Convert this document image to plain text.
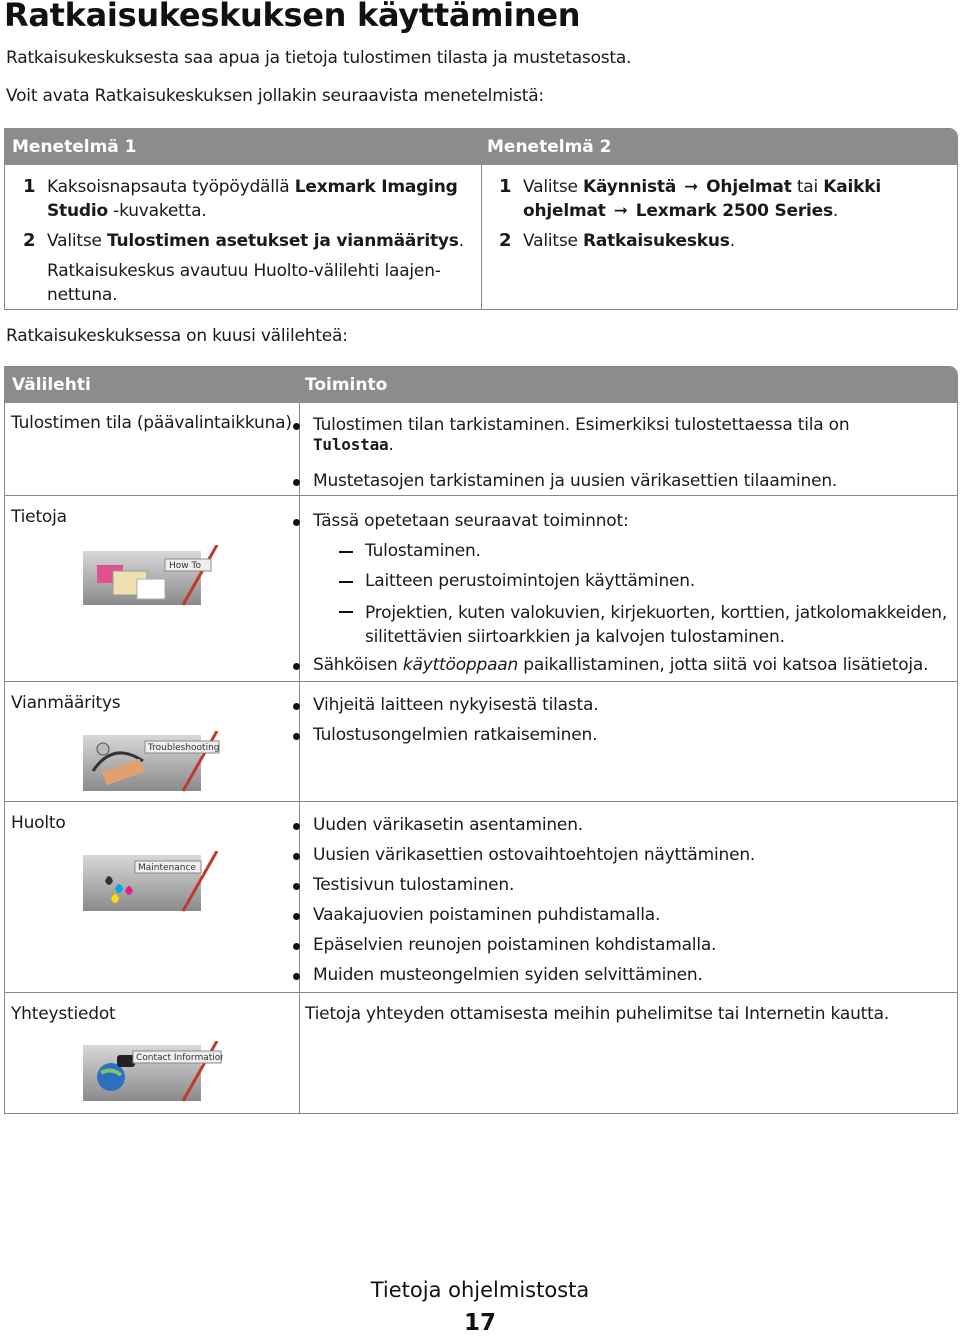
Ratkaisukeskuksen käyttäminen
Ratkaisukeskuksesta saa apua ja tietoja tulostimen tilasta ja mustetasosta.
Voit avata Ratkaisukeskuksen jollakin seuraavista menetelmistä:
Menetelmä 1	Menetelmä 2
1 Kaksoisnapsauta työpöydällä Lexmark Imaging
Studio -kuvaketta.
2 Valitse Tulostimen asetukset ja vianmääritys.
Ratkaisukeskus avautuu Huolto-välilehti laajen-
nettuna.
1 Valitse Käynnistä ➞ Ohjelmat tai Kaikki
ohjelmat ➞ Lexmark 2500 Series.
2 Valitse Ratkaisukeskus.
Ratkaisukeskuksessa on kuusi välilehteä:
Välilehti	Toiminto
Tulostimen tila (päävalintaikkuna) Tulostimen tilan tarkistaminen. Esimerkiksi tulostettaessa tila on
Tulostaa.
Mustetasojen tarkistaminen ja uusien värikasettien tilaaminen.
Tietoja
How To
Tässä opetetaan seuraavat toiminnot:
Tulostaminen.
Laitteen perustoimintojen käyttäminen.
Projektien, kuten valokuvien, kirjekuorten, korttien, jatkolomakkeiden,
silitettävien siirtoarkkien ja kalvojen tulostaminen.
Sähköisen käyttöoppaan paikallistaminen, jotta siitä voi katsoa lisätietoja.
Vianmääritys
Troubleshooting
Vihjeitä laitteen nykyisestä tilasta.
Tulostusongelmien ratkaiseminen.
Huolto
Maintenance
Uuden värikasetin asentaminen.
Uusien värikasettien ostovaihtoehtojen näyttäminen.
Testisivun tulostaminen.
Vaakajuovien poistaminen puhdistamalla.
Epäselvien reunojen poistaminen kohdistamalla.
Muiden musteongelmien syiden selvittäminen.
Yhteystiedot
Contact Information
Tietoja yhteyden ottamisesta meihin puhelimitse tai Internetin kautta.
Tietoja ohjelmistosta
17
